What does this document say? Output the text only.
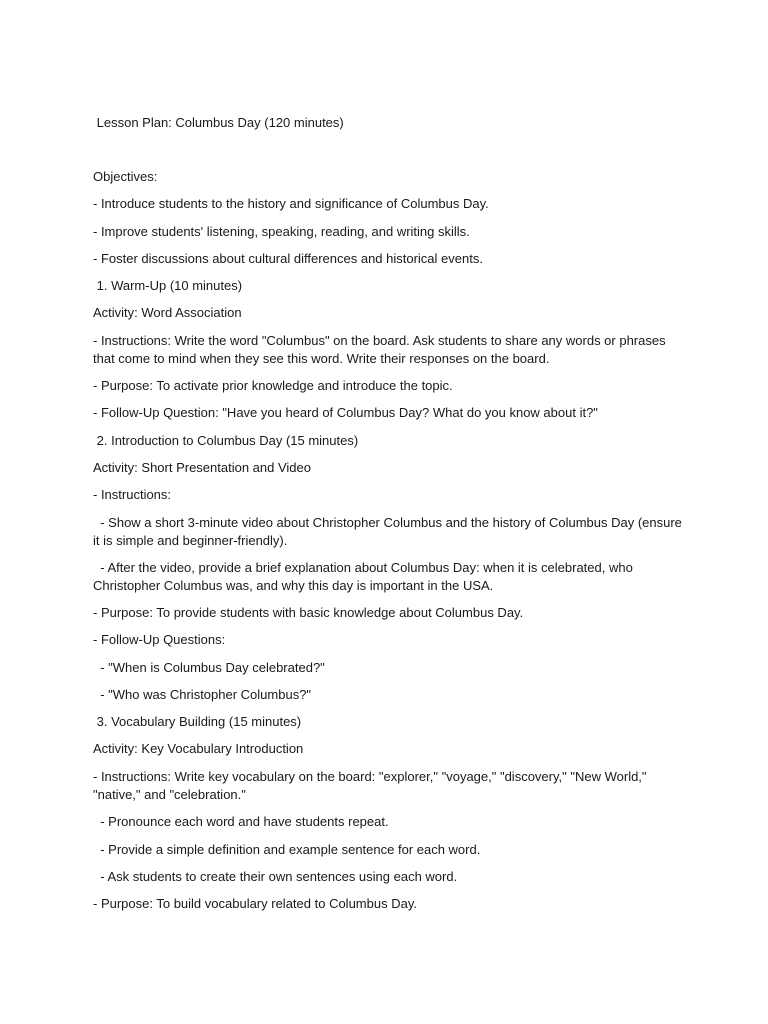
Lesson Plan: Columbus Day (120 minutes)

Objectives:

- Introduce students to the history and significance of Columbus Day.

- Improve students' listening, speaking, reading, and writing skills.

- Foster discussions about cultural differences and historical events.

1. Warm-Up (10 minutes)

Activity: Word Association

- Instructions: Write the word "Columbus" on the board. Ask students to share any words or phrases that come to mind when they see this word. Write their responses on the board.

- Purpose: To activate prior knowledge and introduce the topic.

- Follow-Up Question: "Have you heard of Columbus Day? What do you know about it?"

2. Introduction to Columbus Day (15 minutes)

Activity: Short Presentation and Video

- Instructions:

- Show a short 3-minute video about Christopher Columbus and the history of Columbus Day (ensure it is simple and beginner-friendly).

- After the video, provide a brief explanation about Columbus Day: when it is celebrated, who Christopher Columbus was, and why this day is important in the USA.

- Purpose: To provide students with basic knowledge about Columbus Day.

- Follow-Up Questions:

- "When is Columbus Day celebrated?"

- "Who was Christopher Columbus?"

3. Vocabulary Building (15 minutes)

Activity: Key Vocabulary Introduction

- Instructions: Write key vocabulary on the board: "explorer," "voyage," "discovery," "New World," "native," and "celebration."

- Pronounce each word and have students repeat.

- Provide a simple definition and example sentence for each word.

- Ask students to create their own sentences using each word.

- Purpose: To build vocabulary related to Columbus Day.
